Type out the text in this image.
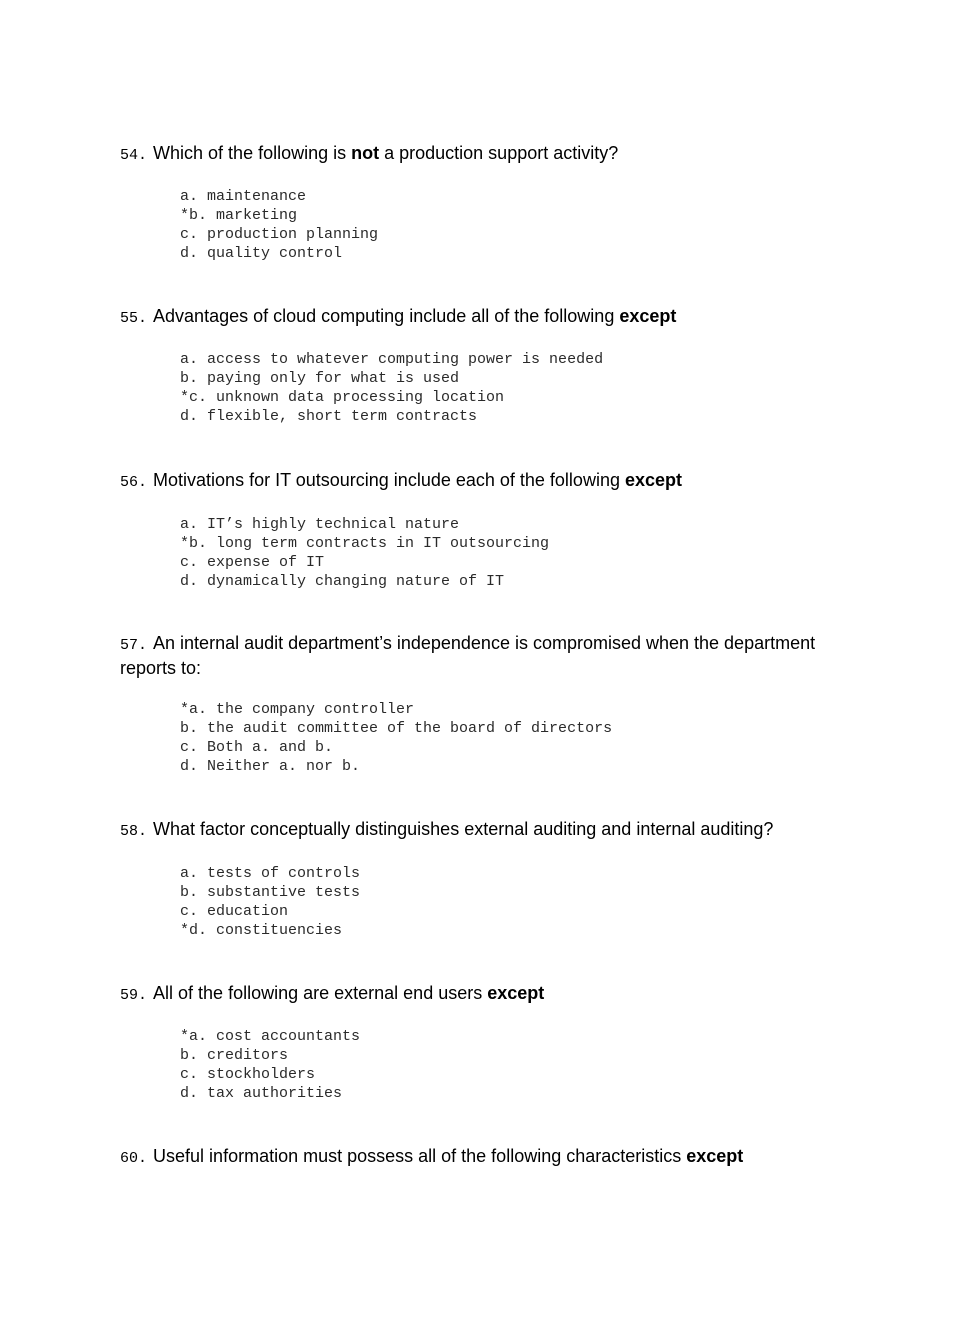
54. Which of the following is not a production support activity?

a. maintenance
*b. marketing
c. production planning
d. quality control

55. Advantages of cloud computing include all of the following except

a. access to whatever computing power is needed
b. paying only for what is used
*c. unknown data processing location
d. flexible, short term contracts

56. Motivations for IT outsourcing include each of the following except

a. IT’s highly technical nature
*b. long term contracts in IT outsourcing
c. expense of IT
d. dynamically changing nature of IT

57. An internal audit department’s independence is compromised when the department reports to:

*a. the company controller
b. the audit committee of the board of directors
c. Both a. and b.
d. Neither a. nor b.

58. What factor conceptually distinguishes external auditing and internal auditing?

a. tests of controls
b. substantive tests
c. education
*d. constituencies

59. All of the following are external end users except

*a. cost accountants
b. creditors
c. stockholders
d. tax authorities

60. Useful information must possess all of the following characteristics except
